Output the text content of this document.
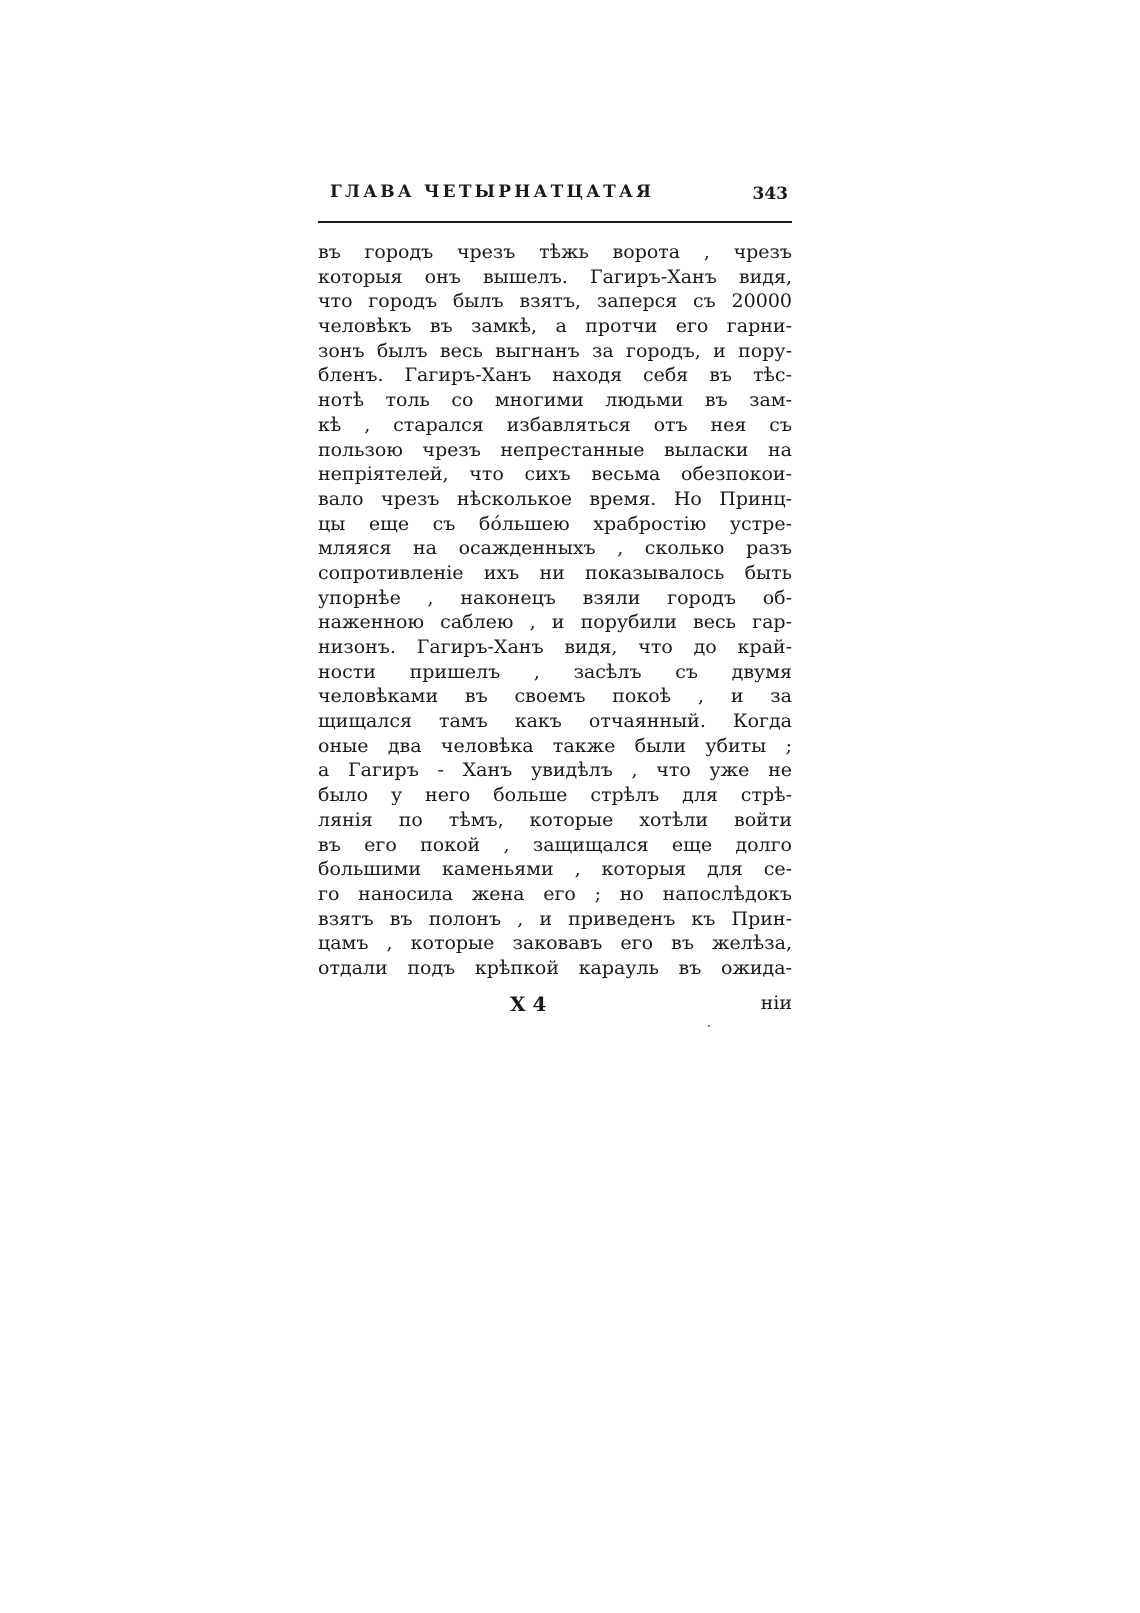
ГЛАВА ЧЕТЫРНАТЦАТАЯ	343
въ городъ чрезъ тѣжь ворота , чрезъ
которыя онъ вышелъ. Гагиръ-Ханъ видя,
что городъ былъ взятъ, заперся съ 20000
человѣкъ въ замкѣ, а протчи его гарни-
зонъ былъ весь выгнанъ за городъ, и пору-
бленъ. Гагиръ-Ханъ находя себя въ тѣс-
нотѣ толь со многими людьми въ зам-
кѣ , старался избавляться отъ нея съ
пользою чрезъ непрестанные выласки на
непріятелей, что сихъ весьма обезпокои-
вало чрезъ нѣсколькое время. Но Принц-
цы еще съ бо́льшею храбростію устре-
мляяся на осажденныхъ , сколько разъ
сопротивленіе ихъ ни показывалось быть
упорнѣе , наконецъ взяли городъ об-
наженною саблею , и порубили весь гар-
низонъ. Гагиръ-Ханъ видя, что до край-
ности пришелъ , засѣлъ съ двумя
человѣками въ своемъ покоѣ , и за
щищался тамъ какъ отчаянный. Когда
оные два человѣка также были убиты ;
а Гагиръ - Ханъ увидѣлъ , что уже не
было у него больше стрѣлъ для стрѣ-
лянія по тѣмъ, которые хотѣли войти
въ его покой , защищался еще долго
большими каменьями , которыя для се-
го наносила жена его ; но напослѣдокъ
взятъ въ полонъ , и приведенъ къ Прин-
цамъ , которые заковавъ его въ желѣза,
отдали подъ крѣпкой карауль въ ожида-
X 4	ніи
